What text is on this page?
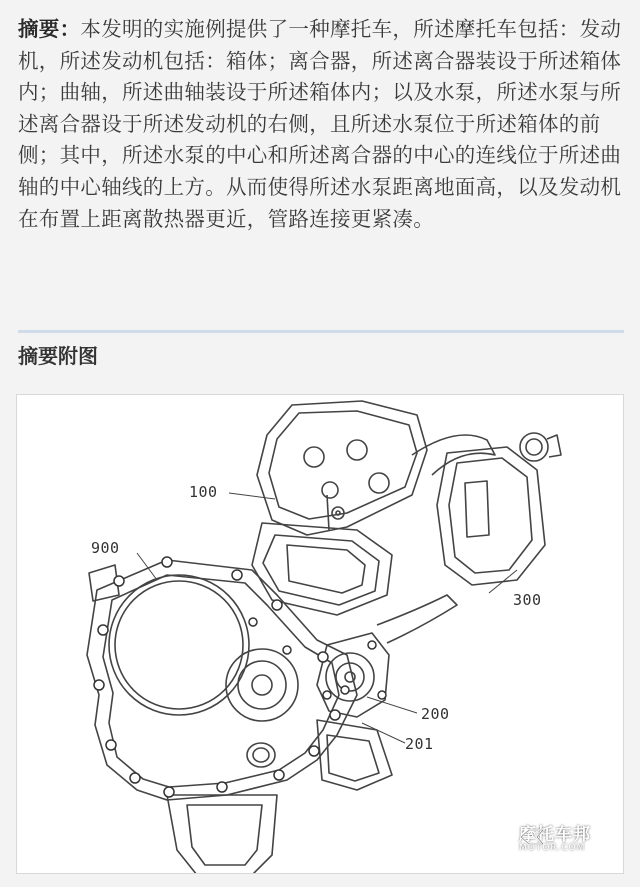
摘要：本发明的实施例提供了一种摩托车，所述摩托车包括：发动机，所述发动机包括：箱体；离合器，所述离合器装设于所述箱体内；曲轴，所述曲轴装设于所述箱体内；以及水泵，所述水泵与所述离合器设于所述发动机的右侧，且所述水泵位于所述箱体的前侧；其中，所述水泵的中心和所述离合器的中心的连线位于所述曲轴的中心轴线的上方。从而使得所述水泵距离地面高，以及发动机在布置上距离散热器更近，管路连接更紧凑。

摘要附图
100
900
300
200
201
摩托车邦
MOTOR.COM
